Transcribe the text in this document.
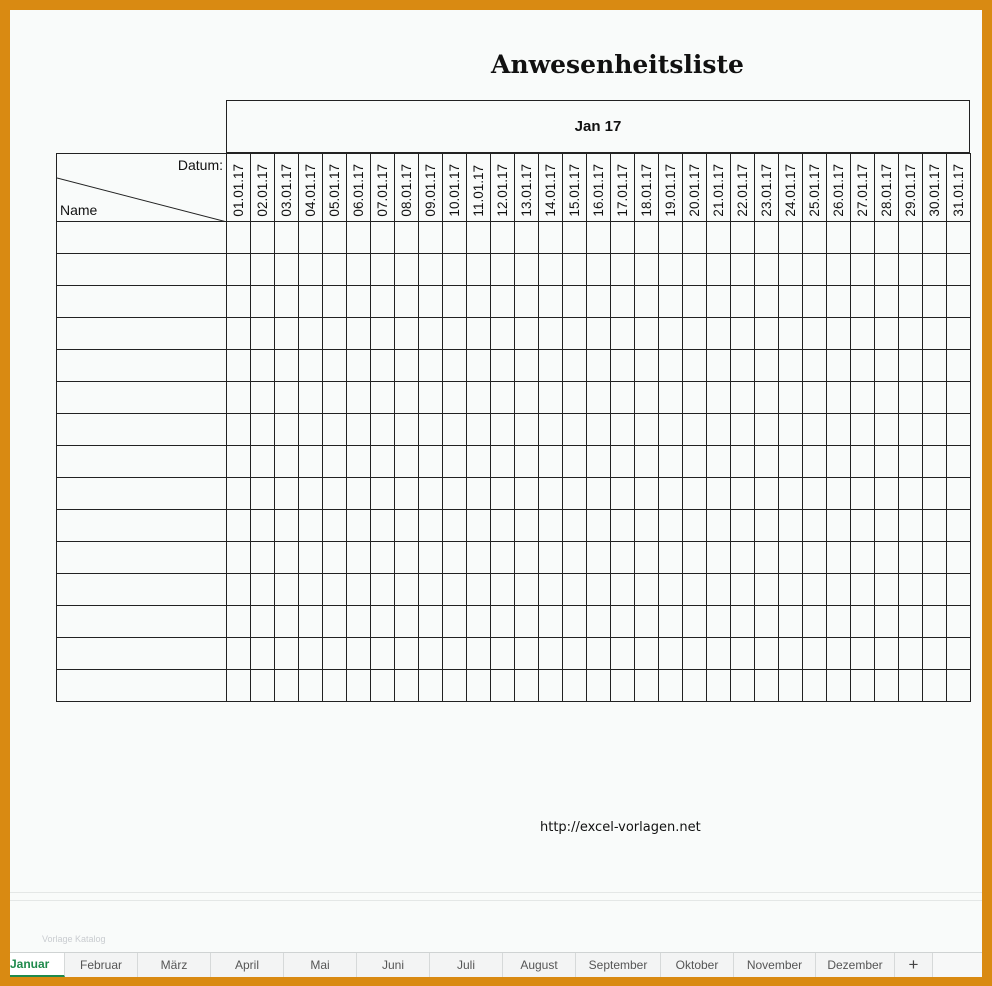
Anwesenheitsliste
Jan 17
Datum:
Name	01.01.17	02.01.17	03.01.17	04.01.17	05.01.17	06.01.17	07.01.17	08.01.17	09.01.17	10.01.17	11.01.17	12.01.17	13.01.17	14.01.17	15.01.17	16.01.17	17.01.17	18.01.17	19.01.17	20.01.17	21.01.17	22.01.17	23.01.17	24.01.17	25.01.17	26.01.17	27.01.17	28.01.17	29.01.17	30.01.17	31.01.17

http://excel-vorlagen.net
Vorlage Katalog
Januar	Februar	März	April	Mai	Juni	Juli	August	September	Oktober	November	Dezember	+
